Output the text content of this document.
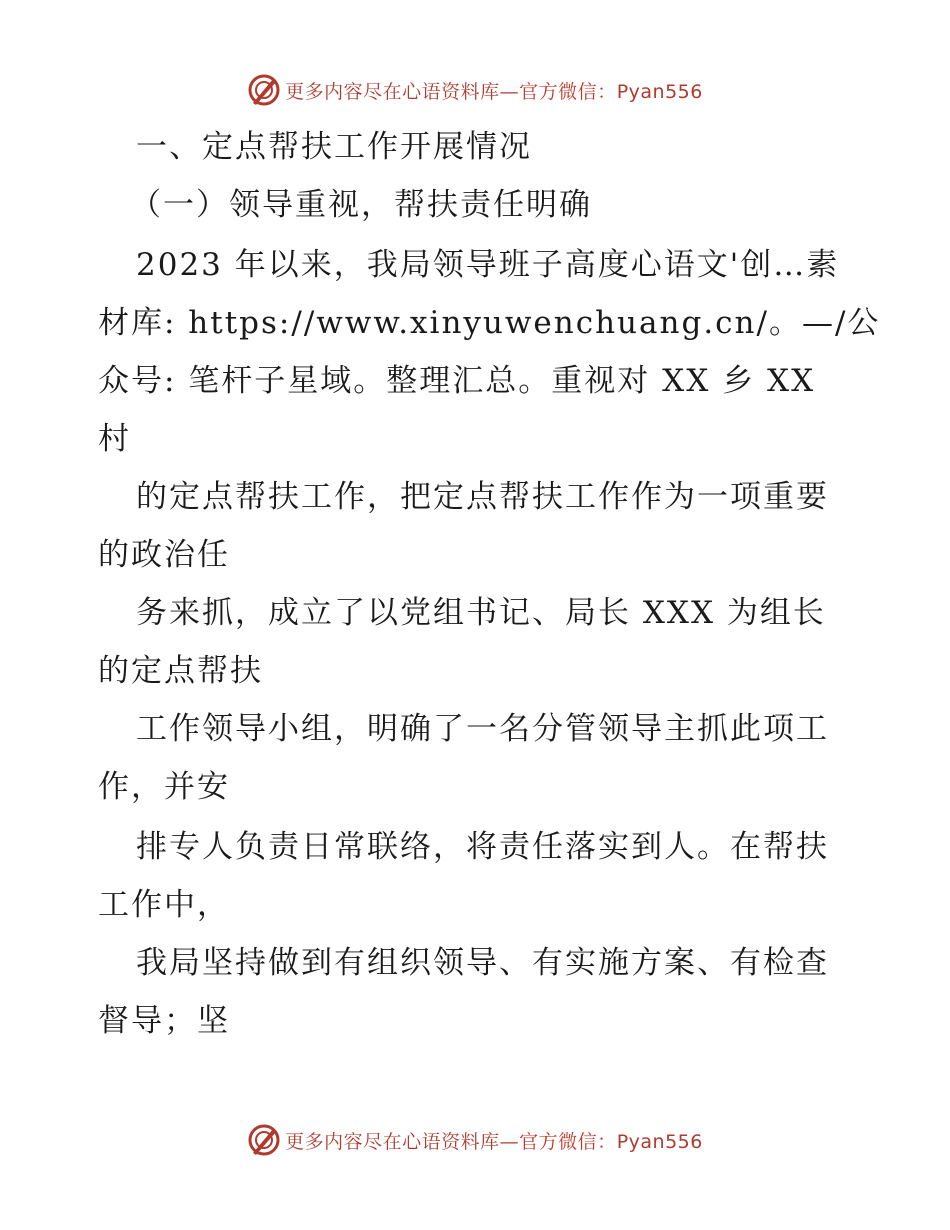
更多内容尽在心语资料库—官方微信：Pyan556
一、定点帮扶工作开展情况
（一）领导重视，帮扶责任明确
2023 年以来，我局领导班子高度心语文'创…素
材库: https://www.xinyuwenchuang.cn/。—/公
众号: 笔杆子星域。整理汇总。重视对 XX 乡 XX
村
的定点帮扶工作，把定点帮扶工作作为一项重要
的政治任
务来抓，成立了以党组书记、局长 XXX 为组长
的定点帮扶
工作领导小组，明确了一名分管领导主抓此项工
作，并安
排专人负责日常联络，将责任落实到人。在帮扶
工作中，
我局坚持做到有组织领导、有实施方案、有检查
督导；坚
更多内容尽在心语资料库—官方微信：Pyan556
